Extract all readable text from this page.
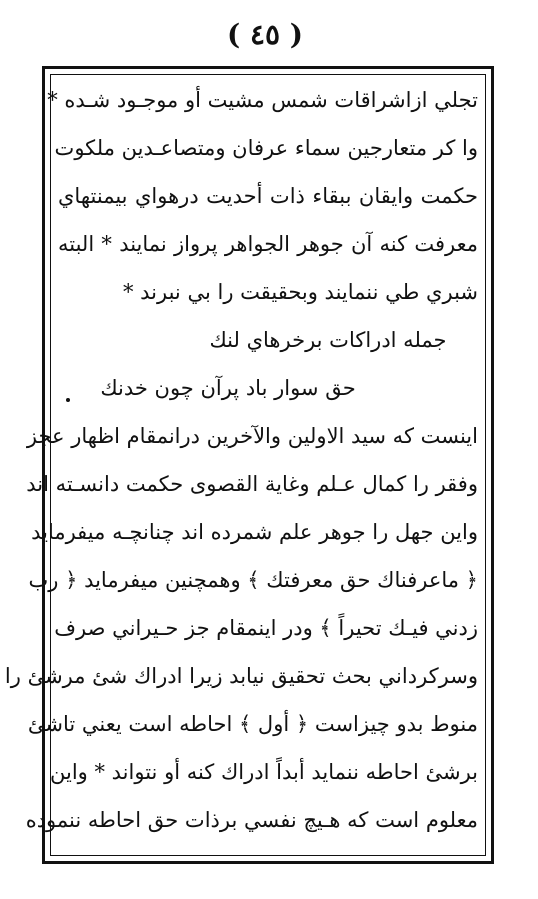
( ٤٥ )
تجلي ازاشراقات شمس مشيت أو موجـود شـده *
وا كر متعارجين سماء عرفان ومتصاعـدين ملكوت
حكمت وايقان ببقاء ذات أحديت درهواي بيمنتهاي
معرفت كنه آن جوهر الجواهر پرواز نمايند * البته
شبري طي ننمايند وبحقيقت را بي نبرند *
جمله ادراكات برخرهاي لنك
حق سوار باد پرآن چون خدنك
اينست كه سيد الاولين والآخرين درانمقام اظهار عجز
وفقر را كمال عـلم وغاية القصوى حكمت دانسـته اند
واين جهل را جوهر علم شمرده اند چنانچـه ميفرمايد
﴿ ماعرفناك حق معرفتك ﴾ وهمچنين ميفرمايد ﴿ رب
زدني فيـك تحيراً ﴾ ودر اينمقام جز حـيراني صرف
وسركرداني بحث تحقيق نيابد زيرا ادراك شئ مرشئ را
منوط بدو چيزاست ﴿ أول ﴾ احاطه است يعني تاشئ
برشئ احاطه ننمايد أبداً ادراك كنه أو نتواند * واين
معلوم است كه هـيچ نفسي برذات حق احاطه ننموده
